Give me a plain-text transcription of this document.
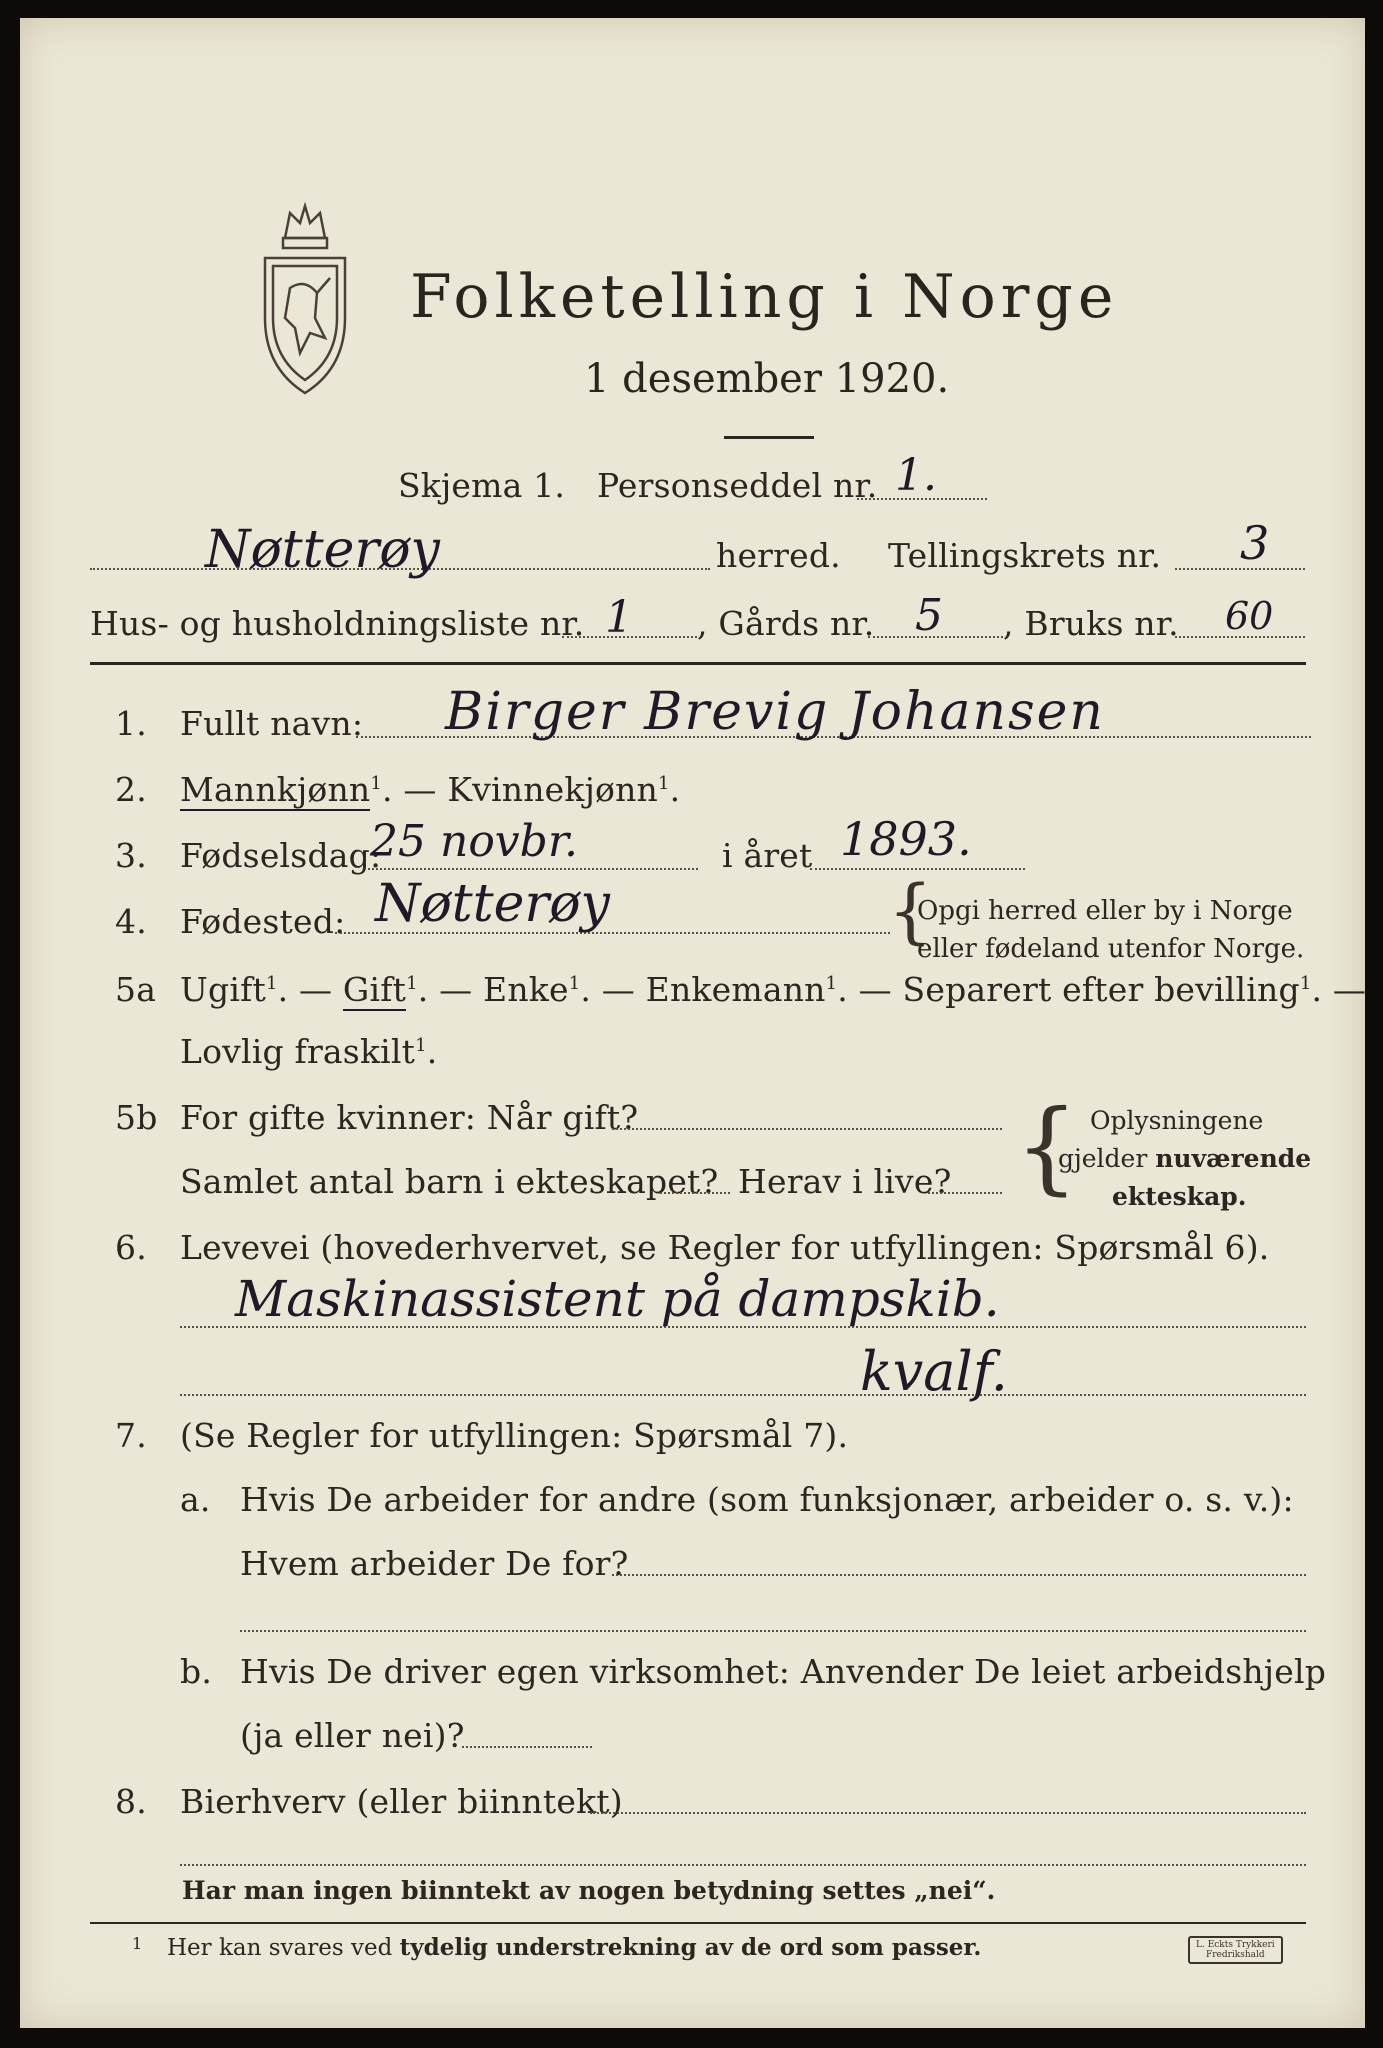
Folketelling i Norge
1 desember 1920.
Skjema 1. Personseddel nr. 1.
Nøtterøy	herred. Tellingskrets nr. 3
Hus- og husholdningsliste nr. 1 , Gårds nr. 5 , Bruks nr. 60
1. Fullt navn: Birger Brevig Johansen
2. Mannkjønn$^1$. — Kvinnekjønn$^1$.
3. Fødselsdag:
25 novbr.	i året 1893.
4. Fødested: Nøtterøy	{
Opgi herred eller by i Norge
eller fødeland utenfor Norge.
5a Ugift$^1$. — Gift$^1$. — Enke$^1$. — Enkemann$^1$. — Separert efter bevilling$^1$. —
Lovlig fraskilt$^1$.
5b For gifte kvinner: Når gift?
Samlet antal barn i ekteskapet? Herav i live? { Oplysningene
gjelder nuværende
ekteskap.
6. Levevei (hovederhvervet, se Regler for utfyllingen: Spørsmål 6).
Maskinassistent på dampskib.
kvalf.
7. (Se Regler for utfyllingen: Spørsmål 7).
a. Hvis De arbeider for andre (som funksjonær, arbeider o. s. v.):
Hvem arbeider De for?
b. Hvis De driver egen virksomhet: Anvender De leiet arbeidshjelp
(ja eller nei)?
8. Bierhverv (eller biinntekt)
Har man ingen biinntekt av nogen betydning settes „nei“.
1 Her kan svares ved tydelig understrekning av de ord som passer.	L. Eckts Trykkeri
Fredrikshald
